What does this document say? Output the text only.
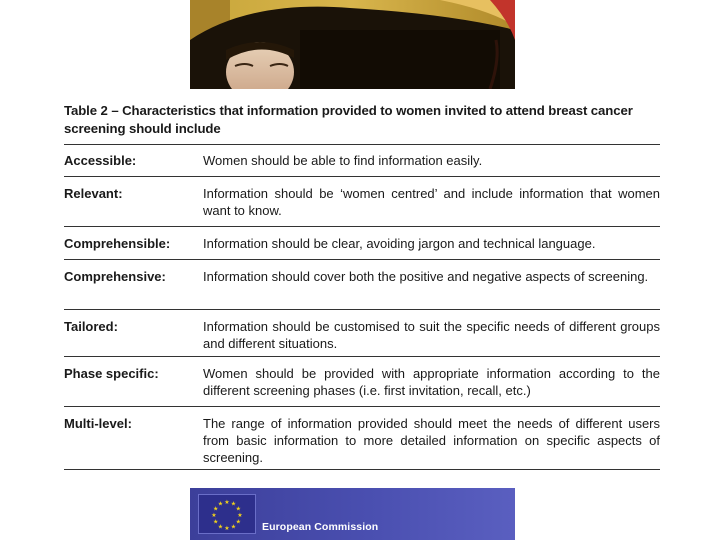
Table 2 – Characteristics that information provided to women invited to attend breast cancer screening should include
Accessible:	Women should be able to find information easily.
Relevant:	Information should be ‘women centred’ and include information that women want to know.
Comprehensible:	Information should be clear, avoiding jargon and technical language.
Comprehensive:	Information should cover both the positive and negative aspects of screening.
Tailored:	Information should be customised to suit the specific needs of different groups and different situations.
Phase specific:	Women should be provided with appropriate information according to the different screening phases (i.e. first invitation, recall, etc.)
Multi-level:	The range of information provided should meet the needs of different users from basic information to more detailed information on specific aspects of screening.
★ ★
★
★
★
★
★
★
★
★
★
★
European Commission
